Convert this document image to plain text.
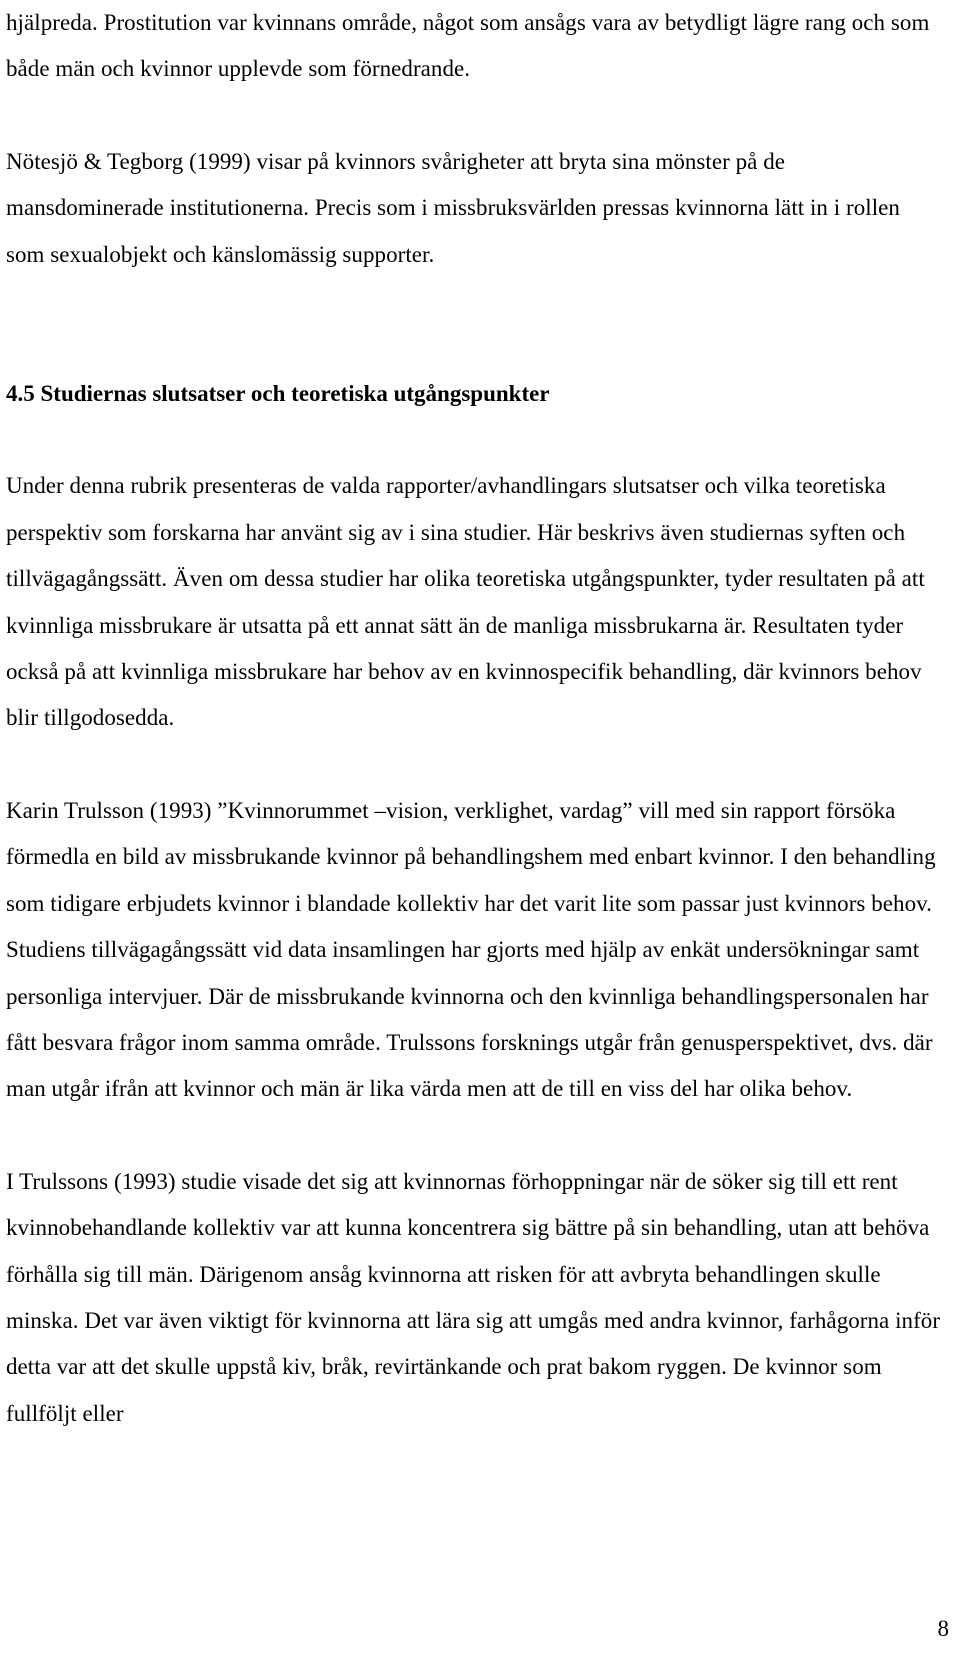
hjälpreda. Prostitution var kvinnans område, något som ansågs vara av betydligt lägre rang och som både män och kvinnor upplevde som förnedrande.

Nötesjö & Tegborg (1999) visar på kvinnors svårigheter att bryta sina mönster på de mansdominerade institutionerna. Precis som i missbruksvärlden pressas kvinnorna lätt in i rollen som sexualobjekt och känslomässig supporter.

4.5 Studiernas slutsatser och teoretiska utgångspunkter

Under denna rubrik presenteras de valda rapporter/avhandlingars slutsatser och vilka teoretiska perspektiv som forskarna har använt sig av i sina studier. Här beskrivs även studiernas syften och tillvägagångssätt. Även om dessa studier har olika teoretiska utgångspunkter, tyder resultaten på att kvinnliga missbrukare är utsatta på ett annat sätt än de manliga missbrukarna är. Resultaten tyder också på att kvinnliga missbrukare har behov av en kvinnospecifik behandling, där kvinnors behov blir tillgodosedda.

Karin Trulsson (1993) ”Kvinnorummet –vision, verklighet, vardag” vill med sin rapport försöka förmedla en bild av missbrukande kvinnor på behandlingshem med enbart kvinnor. I den behandling som tidigare erbjudets kvinnor i blandade kollektiv har det varit lite som passar just kvinnors behov. Studiens tillvägagångssätt vid data insamlingen har gjorts med hjälp av enkät undersökningar samt personliga intervjuer. Där de missbrukande kvinnorna och den kvinnliga behandlingspersonalen har fått besvara frågor inom samma område. Trulssons forsknings utgår från genusperspektivet, dvs. där man utgår ifrån att kvinnor och män är lika värda men att de till en viss del har olika behov.

I Trulssons (1993) studie visade det sig att kvinnornas förhoppningar när de söker sig till ett rent kvinnobehandlande kollektiv var att kunna koncentrera sig bättre på sin behandling, utan att behöva förhålla sig till män. Därigenom ansåg kvinnorna att risken för att avbryta behandlingen skulle minska. Det var även viktigt för kvinnorna att lära sig att umgås med andra kvinnor, farhågorna inför detta var att det skulle uppstå kiv, bråk, revirtänkande och prat bakom ryggen. De kvinnor som fullföljt eller

8
